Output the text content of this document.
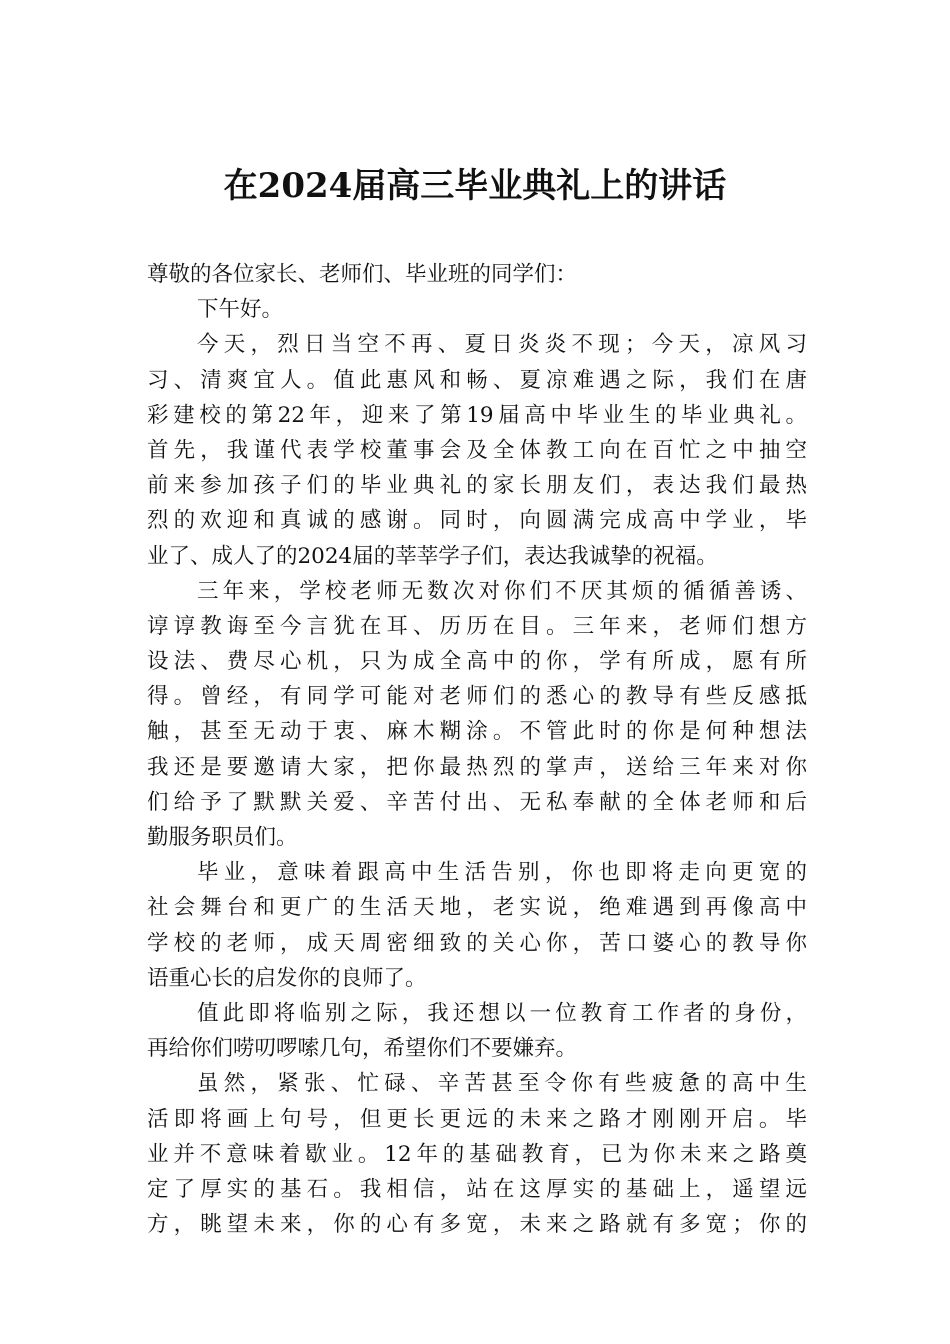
在2024届高三毕业典礼上的讲话
尊敬的各位家长、老师们、毕业班的同学们：
下午好。
今天，烈日当空不再、夏日炎炎不现；今天，凉风习
习、清爽宜人。值此惠风和畅、夏凉难遇之际，我们在唐
彩建校的第22年，迎来了第19届高中毕业生的毕业典礼。
首先，我谨代表学校董事会及全体教工向在百忙之中抽空
前来参加孩子们的毕业典礼的家长朋友们，表达我们最热
烈的欢迎和真诚的感谢。同时，向圆满完成高中学业，毕
业了、成人了的2024届的莘莘学子们，表达我诚挚的祝福。
三年来，学校老师无数次对你们不厌其烦的循循善诱、
谆谆教诲至今言犹在耳、历历在目。三年来，老师们想方
设法、费尽心机，只为成全高中的你，学有所成，愿有所
得。曾经，有同学可能对老师们的悉心的教导有些反感抵
触，甚至无动于衷、麻木糊涂。不管此时的你是何种想法
我还是要邀请大家，把你最热烈的掌声，送给三年来对你
们给予了默默关爱、辛苦付出、无私奉献的全体老师和后
勤服务职员们。
毕业，意味着跟高中生活告别，你也即将走向更宽的
社会舞台和更广的生活天地，老实说，绝难遇到再像高中
学校的老师，成天周密细致的关心你，苦口婆心的教导你
语重心长的启发你的良师了。
值此即将临别之际，我还想以一位教育工作者的身份，
再给你们唠叨啰嗦几句，希望你们不要嫌弃。
虽然，紧张、忙碌、辛苦甚至令你有些疲惫的高中生
活即将画上句号，但更长更远的未来之路才刚刚开启。毕
业并不意味着歇业。12年的基础教育，已为你未来之路奠
定了厚实的基石。我相信，站在这厚实的基础上，遥望远
方，眺望未来，你的心有多宽，未来之路就有多宽；你的
